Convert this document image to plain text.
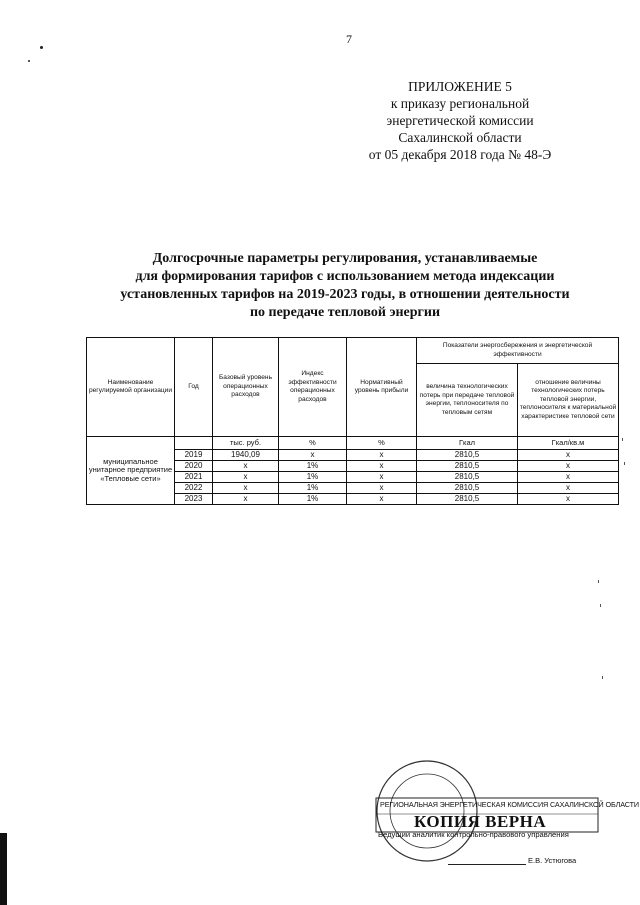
7
ПРИЛОЖЕНИЕ 5
к приказу региональной
энергетической комиссии
Сахалинской области
от 05 декабря 2018 года № 48-Э
Долгосрочные параметры регулирования, устанавливаемые
для формирования тарифов с использованием метода индексации
установленных тарифов на 2019-2023 годы, в отношении деятельности
по передаче тепловой энергии
Наименование регулируемой организации	Год	Базовый уровень операционных расходов	Индекс эффективности операционных расходов	Нормативный уровень прибыли	Показатели энергосбережения и энергетической эффективности	
					величина технологических потерь при передаче тепловой энергии, теплоносителя по тепловым сетям	отношение величины технологических потерь тепловой энергии, теплоносителя к материальной характеристике тепловой сети
муниципальное унитарное предприятие «Тепловые сети»		тыс. руб.	%	%	Гкал	Гкал/кв.м
	2019	1940,09	x	x	2810,5	x
	2020	x	1%	x	2810,5	x
	2021	x	1%	x	2810,5	x
	2022	x	1%	x	2810,5	x
	2023	x	1%	x	2810,5	x
РЕГИОНАЛЬНАЯ ЭНЕРГЕТИЧЕСКАЯ КОМИССИЯ САХАЛИНСКОЙ ОБЛАСТИ
КОПИЯ ВЕРНА
Ведущий аналитик контрольно-правового управления
Е.В. Устюгова
